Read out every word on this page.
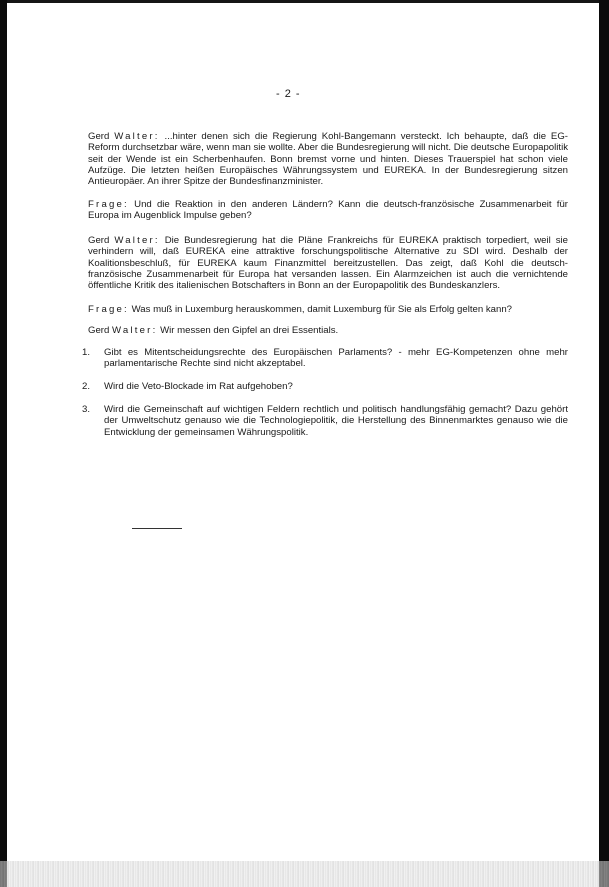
- 2 -

Gerd Walter: ...hinter denen sich die Regierung Kohl-Bangemann versteckt. Ich behaupte, daß die EG-Reform durchsetzbar wäre, wenn man sie wollte. Aber die Bundesregierung will nicht. Die deutsche Europapolitik seit der Wende ist ein Scherbenhaufen. Bonn bremst vorne und hinten. Dieses Trauerspiel hat schon viele Aufzüge. Die letzten heißen Europäisches Währungssystem und EUREKA. In der Bundesregierung sitzen Antieuropäer. An ihrer Spitze der Bundesfinanzminister.

Frage: Und die Reaktion in den anderen Ländern? Kann die deutsch-französische Zusammenarbeit für Europa im Augenblick Impulse geben?

Gerd Walter: Die Bundesregierung hat die Pläne Frankreichs für EUREKA praktisch torpediert, weil sie verhindern will, daß EUREKA eine attraktive forschungspolitische Alternative zu SDI wird. Deshalb der Koalitionsbeschluß, für EUREKA kaum Finanzmittel bereitzustellen. Das zeigt, daß Kohl die deutsch-französische Zusammenarbeit für Europa hat versanden lassen. Ein Alarmzeichen ist auch die vernichtende öffentliche Kritik des italienischen Botschafters in Bonn an der Europapolitik des Bundeskanzlers.

Frage: Was muß in Luxemburg herauskommen, damit Luxemburg für Sie als Erfolg gelten kann?

Gerd Walter: Wir messen den Gipfel an drei Essentials.

1.	Gibt es Mitentscheidungsrechte des Europäischen Parlaments? - mehr EG-Kompetenzen ohne mehr parlamentarische Rechte sind nicht akzeptabel.
2.	Wird die Veto-Blockade im Rat aufgehoben?
3.	Wird die Gemeinschaft auf wichtigen Feldern rechtlich und politisch handlungsfähig gemacht? Dazu gehört der Umweltschutz genauso wie die Technologiepolitik, die Herstellung des Binnenmarktes genauso wie die Entwicklung der gemeinsamen Währungspolitik.
